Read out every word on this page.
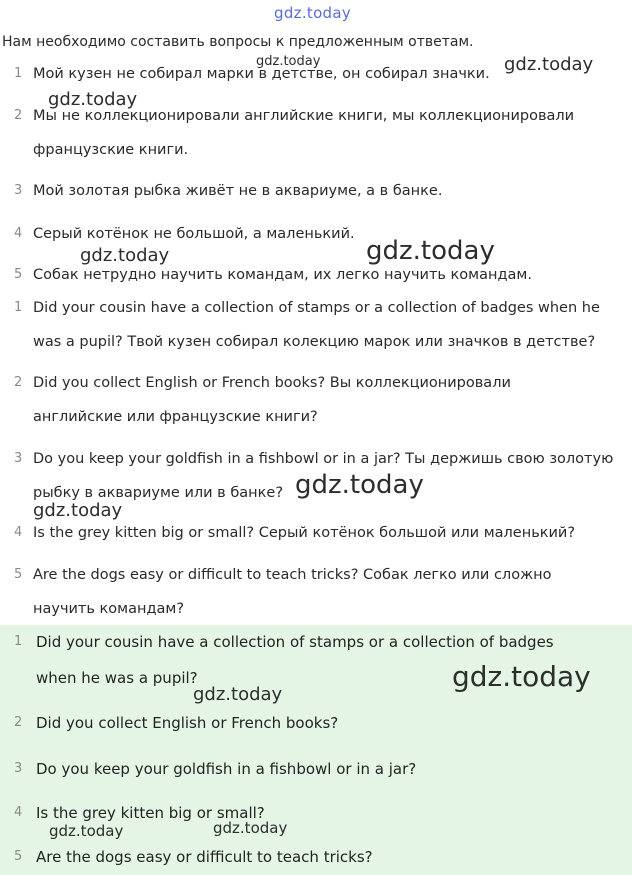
gdz.today
Нам необходимо составить вопросы к предложенным ответам.
1 Мой кузен не собирал марки в детстве, он собирал значки.
2 Мы не коллекционировали английские книги, мы коллекционировали
французские книги.
3 Мой золотая рыбка живёт не в аквариуме, а в банке.
4 Серый котёнок не большой, а маленький.
5 Собак нетрудно научить командам, их легко научить командам.
1 Did your cousin have a collection of stamps or a collection of badges when he
was a pupil? Твой кузен собирал колекцию марок или значков в детстве?
2 Did you collect English or French books? Вы коллекционировали
английские или французские книги?
3 Do you keep your goldfish in a fishbowl or in a jar? Ты держишь свою золотую
рыбку в аквариуме или в банке?
4 Is the grey kitten big or small? Серый котёнок большой или маленький?
5 Are the dogs easy or difficult to teach tricks? Собак легко или сложно
научить командам?
1 Did your cousin have a collection of stamps or a collection of badges
when he was a pupil?
2 Did you collect English or French books?
3 Do you keep your goldfish in a fishbowl or in a jar?
4 Is the grey kitten big or small?
5 Are the dogs easy or difficult to teach tricks?
gdz.today	gdz.today
gdz.today
gdz.today	gdz.today
gdz.today
gdz.today
gdz.today
gdz.today
gdz.today	gdz.today
